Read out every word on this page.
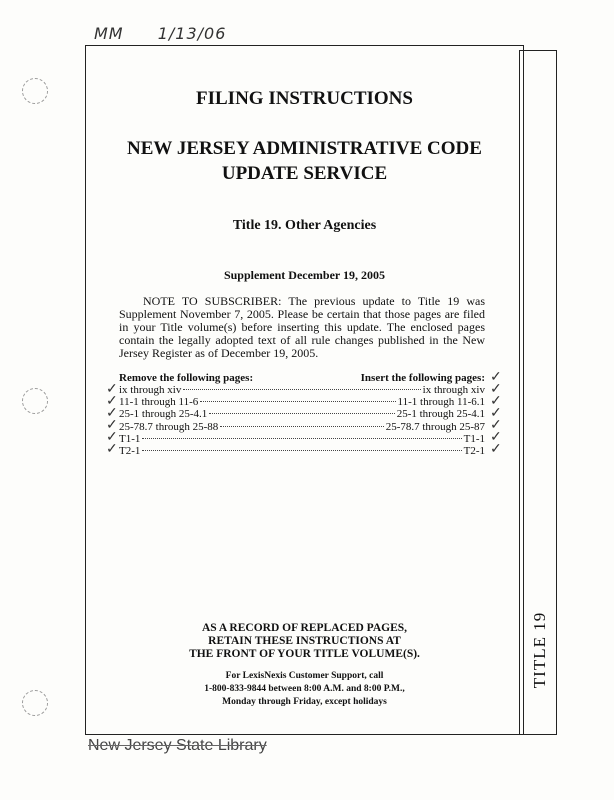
MM 1/13/06
TITLE 19
FILING INSTRUCTIONS
NEW JERSEY ADMINISTRATIVE CODE
UPDATE SERVICE
Title 19. Other Agencies
Supplement December 19, 2005
NOTE TO SUBSCRIBER: The previous update to Title 19 was Supplement November 7, 2005. Please be certain that those pages are filed in your Title volume(s) before inserting this update. The enclosed pages contain the legally adopted text of all rule changes published in the New Jersey Register as of December 19, 2005.
Remove the following pages:	Insert the following pages:
ix through xiv	ix through xiv
11-1 through 11-6	11-1 through 11-6.1
25-1 through 25-4.1	25-1 through 25-4.1
25-78.7 through 25-88	25-78.7 through 25-87
T1-1	T1-1
T2-1	T2-1

✓
✓
✓
✓
✓
✓
✓
✓
✓
✓
✓
✓
✓
AS A RECORD OF REPLACED PAGES,
RETAIN THESE INSTRUCTIONS AT
THE FRONT OF YOUR TITLE VOLUME(S).
For LexisNexis Customer Support, call
1-800-833-9844 between 8:00 A.M. and 8:00 P.M.,
Monday through Friday, except holidays
New Jersey State Library
